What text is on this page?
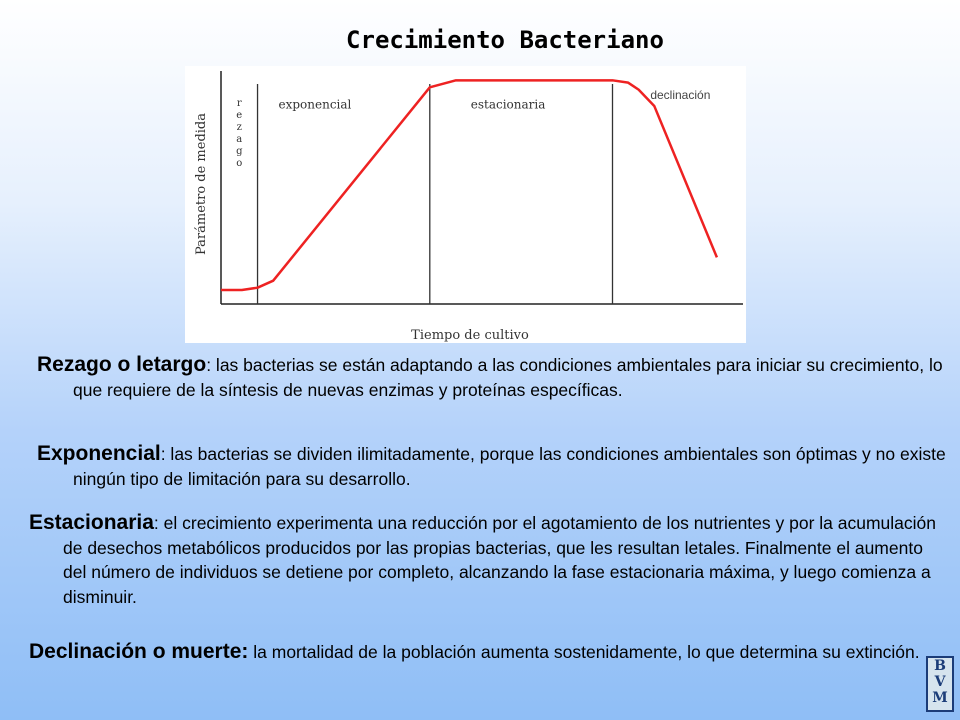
Crecimiento Bacteriano
Parámetro de medida
Tiempo de cultivo
r e z a g o
exponencial	estacionaria
declinación

Rezago o letargo: las bacterias se están adaptando a las condiciones ambientales para iniciar su crecimiento, lo que requiere de la síntesis de nuevas enzimas y proteínas específicas.

Exponencial: las bacterias se dividen ilimitadamente, porque las condiciones ambientales son óptimas y no existe ningún tipo de limitación para su desarrollo.

Estacionaria: el crecimiento experimenta una reducción por el agotamiento de los nutrientes y por la acumulación de desechos metabólicos producidos por las propias bacterias, que les resultan letales. Finalmente el aumento del número de individuos se detiene por completo, alcanzando la fase estacionaria máxima, y luego comienza a disminuir.

Declinación o muerte: la mortalidad de la población aumenta sostenidamente, lo que determina su extinción.

B
V
M
